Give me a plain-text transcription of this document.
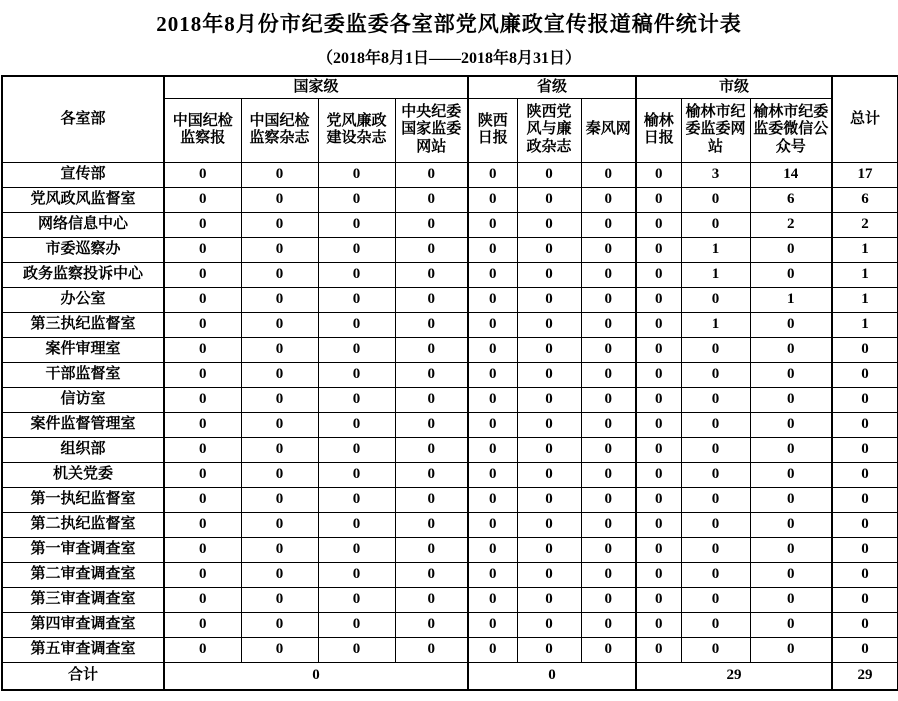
2018年8月份市纪委监委各室部党风廉政宣传报道稿件统计表
（2018年8月1日——2018年8月31日）
各室部	国家级				省级			市级			总计
	中国纪检监察报	中国纪检监察杂志	党风廉政建设杂志	中央纪委国家监委网站	陕西日报	陕西党风与廉政杂志	秦风网	榆林日报	榆林市纪委监委网站	榆林市纪委监委微信公众号	
宣传部	0	0	0	0	0	0	0	0	3	14	17
党风政风监督室	0	0	0	0	0	0	0	0	0	6	6
网络信息中心	0	0	0	0	0	0	0	0	0	2	2
市委巡察办	0	0	0	0	0	0	0	0	1	0	1
政务监察投诉中心	0	0	0	0	0	0	0	0	1	0	1
办公室	0	0	0	0	0	0	0	0	0	1	1
第三执纪监督室	0	0	0	0	0	0	0	0	1	0	1
案件审理室	0	0	0	0	0	0	0	0	0	0	0
干部监督室	0	0	0	0	0	0	0	0	0	0	0
信访室	0	0	0	0	0	0	0	0	0	0	0
案件监督管理室	0	0	0	0	0	0	0	0	0	0	0
组织部	0	0	0	0	0	0	0	0	0	0	0
机关党委	0	0	0	0	0	0	0	0	0	0	0
第一执纪监督室	0	0	0	0	0	0	0	0	0	0	0
第二执纪监督室	0	0	0	0	0	0	0	0	0	0	0
第一审查调查室	0	0	0	0	0	0	0	0	0	0	0
第二审查调查室	0	0	0	0	0	0	0	0	0	0	0
第三审查调查室	0	0	0	0	0	0	0	0	0	0	0
第四审查调查室	0	0	0	0	0	0	0	0	0	0	0
第五审查调查室	0	0	0	0	0	0	0	0	0	0	0
合计	0				0			29			29
